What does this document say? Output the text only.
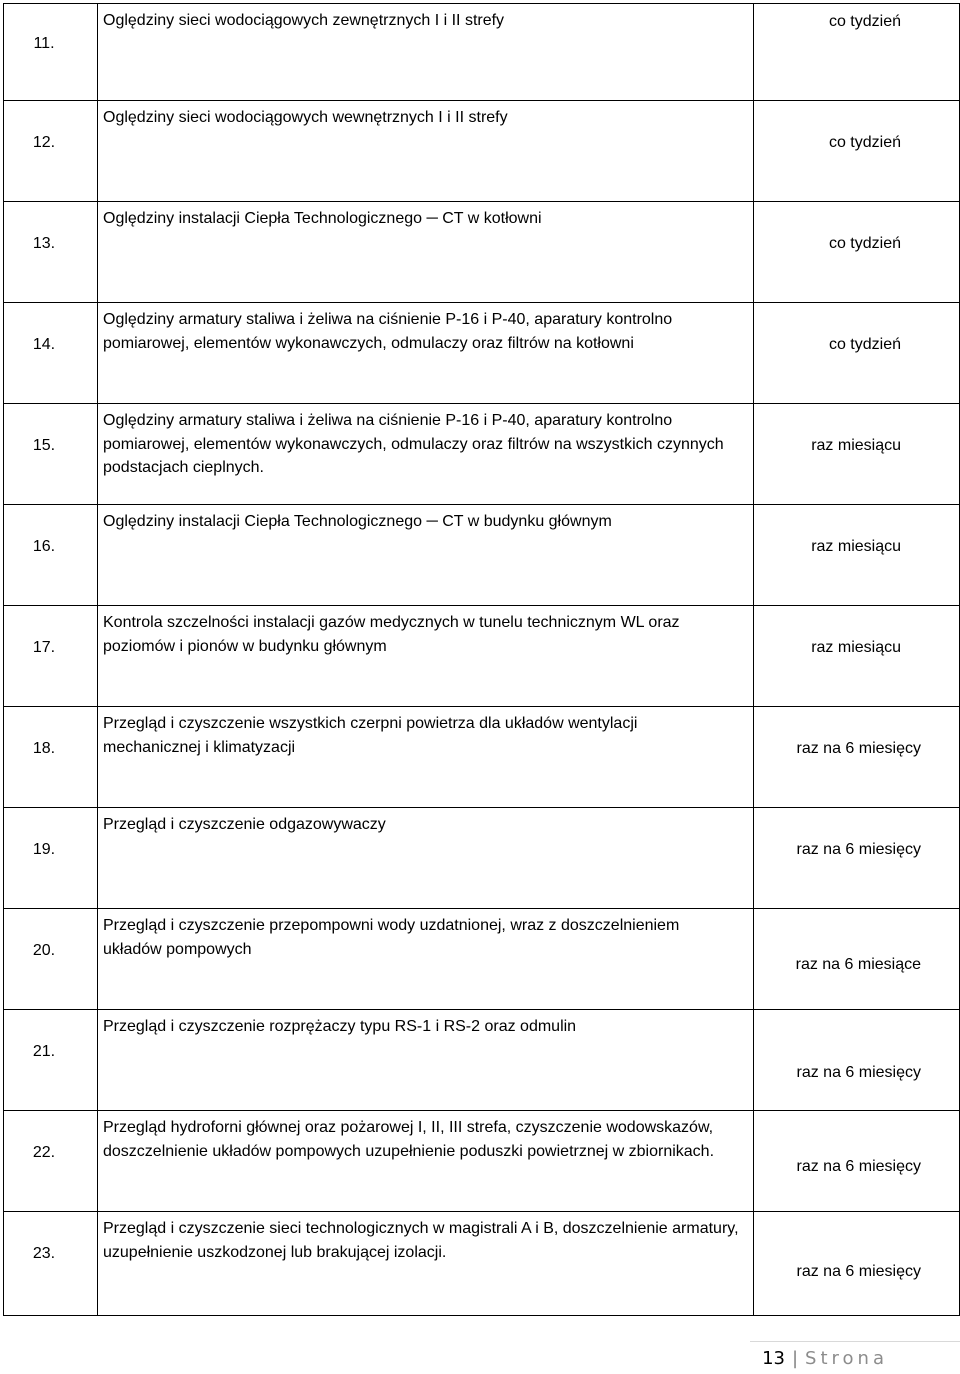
11.	Oględziny sieci wodociągowych zewnętrznych I i II strefy	co tydzień

12.	Oględziny sieci wodociągowych wewnętrznych I i II strefy	co tydzień

13.	Oględziny instalacji Ciepła Technologicznego ─ CT w kotłowni	co tydzień

14.	Oględziny armatury staliwa i żeliwa na ciśnienie P-16 i P-40, aparatury kontrolno pomiarowej, elementów wykonawczych, odmulaczy oraz filtrów na kotłowni	co tydzień

15.	Oględziny armatury staliwa i żeliwa na ciśnienie P-16 i P-40, aparatury kontrolno pomiarowej, elementów wykonawczych, odmulaczy oraz filtrów na wszystkich czynnych podstacjach cieplnych.	raz miesiącu

16.	Oględziny instalacji Ciepła Technologicznego ─ CT w budynku głównym	raz miesiącu

17.	Kontrola szczelności instalacji gazów medycznych w tunelu technicznym WL oraz poziomów i pionów w budynku głównym	raz miesiącu

18.	Przegląd i czyszczenie wszystkich czerpni powietrza dla układów wentylacji mechanicznej i klimatyzacji	raz na 6 miesięcy

19.	Przegląd i czyszczenie odgazowywaczy	raz na 6 miesięcy

20.	Przegląd i czyszczenie przepompowni wody uzdatnionej, wraz z doszczelnieniem układów pompowych	raz na 6 miesiące

21.	Przegląd i czyszczenie rozprężaczy typu RS-1 i RS-2 oraz odmulin	raz na 6 miesięcy

22.	Przegląd hydroforni głównej oraz pożarowej I, II, III strefa, czyszczenie wodowskazów, doszczelnienie układów pompowych uzupełnienie poduszki powietrznej w zbiornikach.	raz na 6 miesięcy

23.	Przegląd i czyszczenie sieci technologicznych w magistrali A i B, doszczelnienie armatury, uzupełnienie uszkodzonej lub brakującej izolacji.	raz na 6 miesięcy
13 | Strona
